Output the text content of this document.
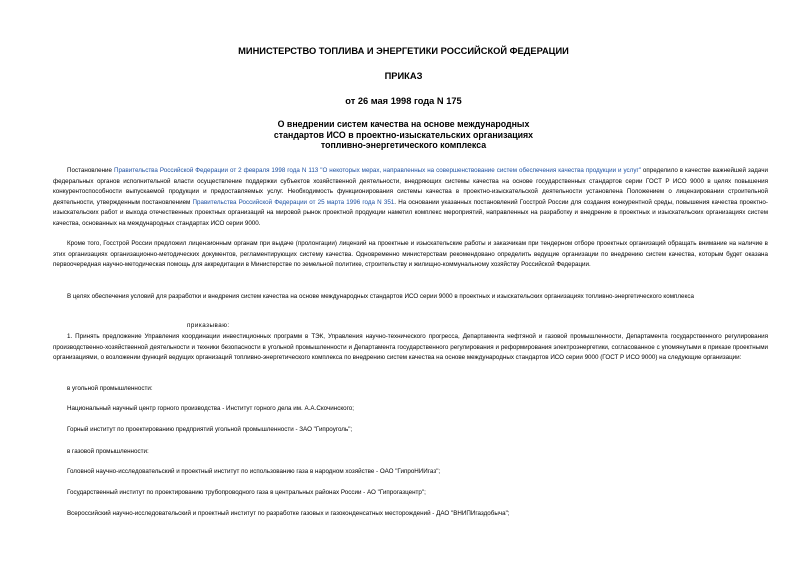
МИНИСТЕРСТВО ТОПЛИВА И ЭНЕРГЕТИКИ РОССИЙСКОЙ ФЕДЕРАЦИИ
ПРИКАЗ
от 26 мая 1998 года N 175
О внедрении систем качества на основе международных
стандартов ИСО в проектно-изыскательских организациях
топливно-энергетического комплекса
Постановление Правительства Российской Федерации от 2 февраля 1998 года N 113 "О некоторых мерах, направленных на совершенствование систем обеспечения качества продукции и услуг" определило в качестве важнейшей задачи федеральных органов исполнительной власти осуществление поддержки субъектов хозяйственной деятельности, внедряющих системы качества на основе государственных стандартов серии ГОСТ Р ИСО 9000 в целях повышения конкурентоспособности выпускаемой продукции и предоставляемых услуг. Необходимость функционирования системы качества в проектно-изыскательской деятельности установлена Положением о лицензировании строительной деятельности, утвержденным постановлением Правительства Российской Федерации от 25 марта 1996 года N 351. На основании указанных постановлений Госстрой России для создания конкурентной среды, повышения качества проектно-изыскательских работ и выхода отечественных проектных организаций на мировой рынок проектной продукции наметил комплекс мероприятий, направленных на разработку и внедрение в проектных и изыскательских организациях систем качества, основанных на международных стандартах ИСО серии 9000.
Кроме того, Госстрой России предложил лицензионным органам при выдаче (пролонгации) лицензий на проектные и изыскательские работы и заказчикам при тендерном отборе проектных организаций обращать внимание на наличие в этих организациях организационно-методических документов, регламентирующих систему качества. Одновременно министерствам рекомендовано определить ведущие организации по внедрению систем качества, которым будет оказана первоочередная научно-методическая помощь для аккредитации в Министерстве по земельной политике, строительству и жилищно-коммунальному хозяйству Российской Федерации.
В целях обеспечения условий для разработки и внедрения систем качества на основе международных стандартов ИСО серии 9000 в проектных и изыскательских организациях топливно-энергетического комплекса
приказываю:
1. Принять предложение Управления координации инвестиционных программ в ТЭК, Управления научно-технического прогресса, Департамента нефтяной и газовой промышленности, Департамента государственного регулирования производственно-хозяйственной деятельности и техники безопасности в угольной промышленности и Департамента государственного регулирования и реформирования электроэнергетики, согласованное с упомянутыми в приказе проектными организациями, о возложении функций ведущих организаций топливно-энергетического комплекса по внедрению систем качества на основе международных стандартов ИСО серии 9000 (ГОСТ Р ИСО 9000) на следующие организации:
в угольной промышленности:
Национальный научный центр горного производства - Институт горного дела им. А.А.Скочинского;
Горный институт по проектированию предприятий угольной промышленности - ЗАО "Гипроуголь";
в газовой промышленности:
Головной научно-исследовательский и проектный институт по использованию газа в народном хозяйстве - ОАО "ГипроНИИгаз";
Государственный институт по проектированию трубопроводного газа в центральных районах России - АО "Гипрогазцентр";
Всероссийский научно-исследовательский и проектный институт по разработке газовых и газоконденсатных месторождений - ДАО "ВНИПИгаздобыча";
